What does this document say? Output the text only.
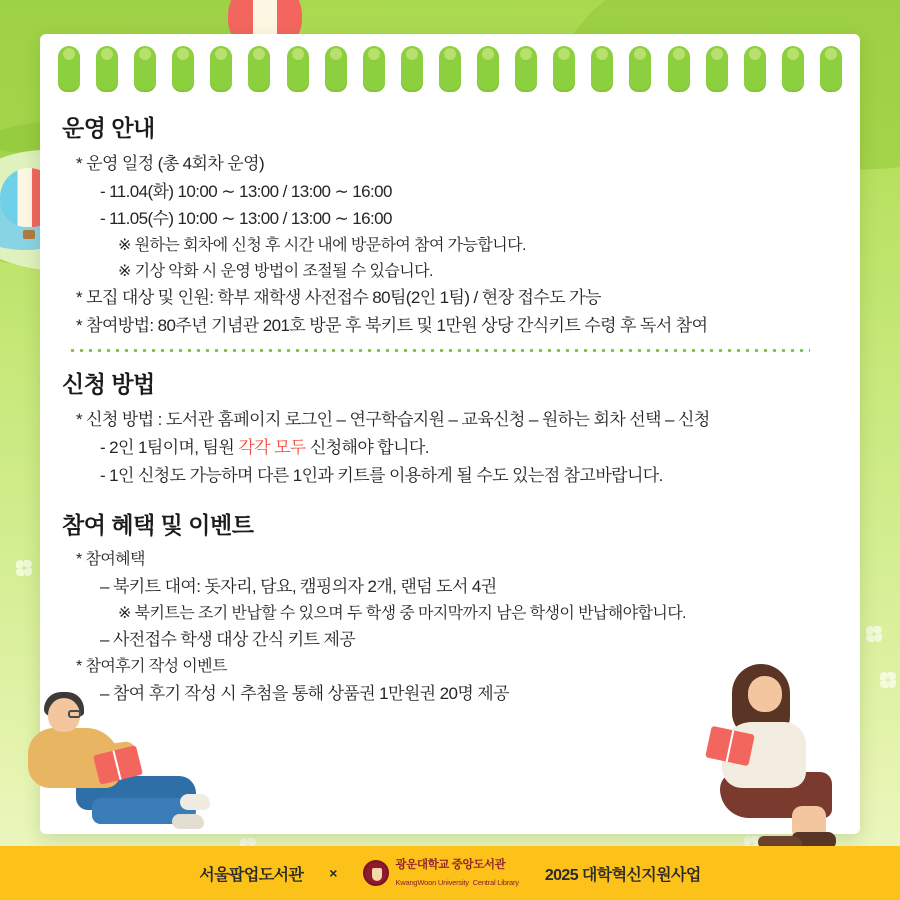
운영 안내
* 운영 일정 (총 4회차 운영)
- 11.04(화) 10:00 ∼ 13:00 / 13:00 ∼ 16:00
- 11.05(수) 10:00 ∼ 13:00 / 13:00 ∼ 16:00
※ 원하는 회차에 신청 후 시간 내에 방문하여 참여 가능합니다.
※ 기상 악화 시 운영 방법이 조절될 수 있습니다.
* 모집 대상 및 인원: 학부 재학생 사전접수 80팀(2인 1팀) / 현장 접수도 가능
* 참여방법: 80주년 기념관 201호 방문 후 북키트 및 1만원 상당 간식키트 수령 후 독서 참여
신청 방법
* 신청 방법 : 도서관 홈페이지 로그인 – 연구학습지원 – 교육신청 – 원하는 회차 선택 – 신청
- 2인 1팀이며, 팀원 각각 모두 신청해야 합니다.
- 1인 신청도 가능하며 다른 1인과 키트를 이용하게 될 수도 있는점 참고바랍니다.
참여 혜택 및 이벤트
* 참여혜택
– 북키트 대여: 돗자리, 담요, 캠핑의자 2개, 랜덤 도서 4권
※ 북키트는 조기 반납할 수 있으며 두 학생 중 마지막까지 남은 학생이 반납해야합니다.
– 사전접수 학생 대상 간식 키트 제공
* 참여후기 작성 이벤트
– 참여 후기 작성 시 추첨을 통해 상품권 1만원권 20명 제공
서울팝업도서관 ×	광운대학교 중앙도서관
KwangWoon University Central Library 2025 대학혁신지원사업
